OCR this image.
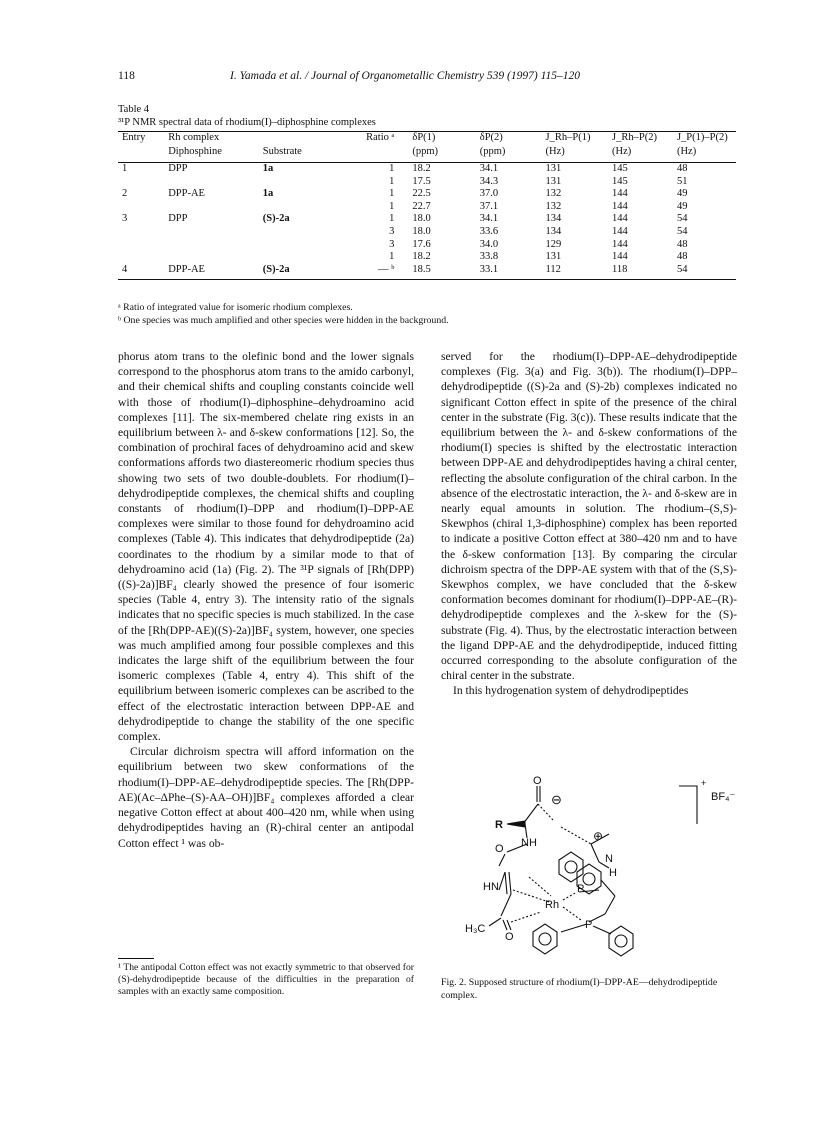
118	I. Yamada et al. / Journal of Organometallic Chemistry 539 (1997) 115–120
Table 4
³¹P NMR spectral data of rhodium(I)–diphosphine complexes
Entry	Rh complex		Ratio ᵃ	δP(1)	δP(2)	J_Rh–P(1)	J_Rh–P(2)	J_P(1)–P(2)
	Diphosphine	Substrate		(ppm)	(ppm)	(Hz)	(Hz)	(Hz)
1	DPP	1a	1	18.2	34.1	131	145	48
			1	17.5	34.3	131	145	51
2	DPP-AE	1a	1	22.5	37.0	132	144	49
			1	22.7	37.1	132	144	49
3	DPP	(S)-2a	1	18.0	34.1	134	144	54
			3	18.0	33.6	134	144	54
			3	17.6	34.0	129	144	48
			1	18.2	33.8	131	144	48
4	DPP-AE	(S)-2a	— ᵇ	18.5	33.1	112	118	54
ᵃ Ratio of integrated value for isomeric rhodium complexes.
ᵇ One species was much amplified and other species were hidden in the background.

phorus atom trans to the olefinic bond and the lower signals correspond to the phosphorus atom trans to the amido carbonyl, and their chemical shifts and coupling constants coincide well with those of rhodium(I)–diphosphine–dehydroamino acid complexes [11]. The six-membered chelate ring exists in an equilibrium between λ- and δ-skew conformations [12]. So, the combination of prochiral faces of dehydroamino acid and skew conformations affords two diastereomeric rhodium species thus showing two sets of two double-doublets. For rhodium(I)–dehydrodipeptide complexes, the chemical shifts and coupling constants of rhodium(I)–DPP and rhodium(I)–DPP-AE complexes were similar to those found for dehydroamino acid complexes (Table 4). This indicates that dehydrodipeptide (2a) coordinates to the rhodium by a similar mode to that of dehydroamino acid (1a) (Fig. 2). The ³¹P signals of [Rh(DPP)((S)-2a)]BF₄ clearly showed the presence of four isomeric species (Table 4, entry 3). The intensity ratio of the signals indicates that no specific species is much stabilized. In the case of the [Rh(DPP-AE)((S)-2a)]BF₄ system, however, one species was much amplified among four possible complexes and this indicates the large shift of the equilibrium between the four isomeric complexes (Table 4, entry 4). This shift of the equilibrium between isomeric complexes can be ascribed to the effect of the electrostatic interaction between DPP-AE and dehydrodipeptide to change the stability of the one specific complex.

Circular dichroism spectra will afford information on the equilibrium between two skew conformations of the rhodium(I)–DPP-AE–dehydrodipeptide species. The [Rh(DPP-AE)(Ac–ΔPhe–(S)-AA–OH)]BF₄ complexes afforded a clear negative Cotton effect at about 400–420 nm, while when using dehydrodipeptides having an (R)-chiral center an antipodal Cotton effect ¹ was ob-

served for the rhodium(I)–DPP-AE–dehydrodipeptide complexes (Fig. 3(a) and Fig. 3(b)). The rhodium(I)–DPP–dehydrodipeptide ((S)-2a and (S)-2b) complexes indicated no significant Cotton effect in spite of the presence of the chiral center in the substrate (Fig. 3(c)). These results indicate that the equilibrium between the λ- and δ-skew conformations of the rhodium(I) species is shifted by the electrostatic interaction between DPP-AE and dehydrodipeptides having a chiral center, reflecting the absolute configuration of the chiral carbon. In the absence of the electrostatic interaction, the λ- and δ-skew are in nearly equal amounts in solution. The rhodium–(S,S)-Skewphos (chiral 1,3-diphosphine) complex has been reported to indicate a positive Cotton effect at 380–420 nm and to have the δ-skew conformation [13]. By comparing the circular dichroism spectra of the DPP-AE system with that of the (S,S)-Skewphos complex, we have concluded that the δ-skew conformation becomes dominant for rhodium(I)–DPP-AE–(R)-dehydrodipeptide complexes and the λ-skew for the (S)-substrate (Fig. 4). Thus, by the electrostatic interaction between the ligand DPP-AE and the dehydrodipeptide, induced fitting occurred corresponding to the absolute configuration of the chiral center in the substrate.

In this hydrogenation system of dehydrodipeptides

¹ The antipodal Cotton effect was not exactly symmetric to that observed for (S)-dehydrodipeptide because of the difficulties in the preparation of samples with an exactly same composition.
O
⊖
R
NH
O
⊕
N
H
HN	P
Rh
H₃C
O
P
+
BF₄⁻
Fig. 2. Supposed structure of rhodium(I)–DPP-AE—dehydrodipeptide complex.
